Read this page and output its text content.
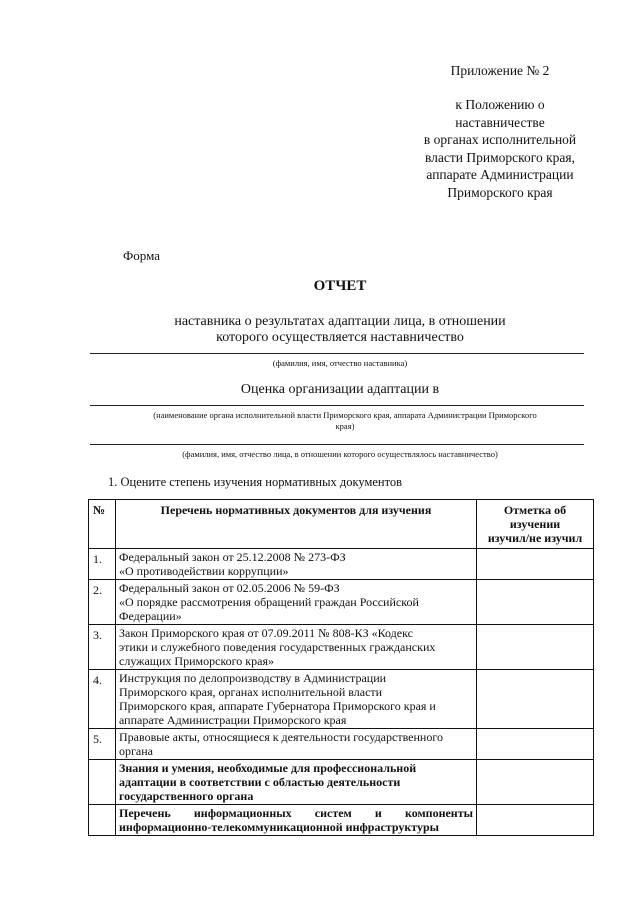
Приложение № 2
к Положению о
наставничестве
в органах исполнительной
власти Приморского края,
аппарате Администрации
Приморского края
Форма
ОТЧЕТ
наставника о результатах адаптации лица, в отношении
которого осуществляется наставничество
(фамилия, имя, отчество наставника)
Оценка организации адаптации в
(наименование органа исполнительной власти Приморского края, аппарата Администрации Приморского
края)
(фамилия, имя, отчество лица, в отношении которого осуществлялось наставничество)
1. Оцените степень изучения нормативных документов
№	Перечень нормативных документов для изучения	Отметка об
изучении
изучил/не изучил

1.	Федеральный закон от 25.12.2008 № 273-ФЗ
«О противодействии коррупции»	

2.	Федеральный закон от 02.05.2006 № 59-ФЗ
«О порядке рассмотрения обращений граждан Российской
Федерации»	

3.	Закон Приморского края от 07.09.2011 № 808-КЗ «Кодекс
этики и служебного поведения государственных гражданских
служащих Приморского края»	

4.	Инструкция по делопроизводству в Администрации
Приморского края, органах исполнительной власти
Приморского края, аппарате Губернатора Приморского края и
аппарате Администрации Приморского края	

5.	Правовые акты, относящиеся к деятельности государственного
органа	

	Знания и умения, необходимые для профессиональной
адаптации в соответствии с областью деятельности
государственного органа	

	Перечень информационных систем и компоненты
информационно-телекоммуникационной инфраструктуры	
